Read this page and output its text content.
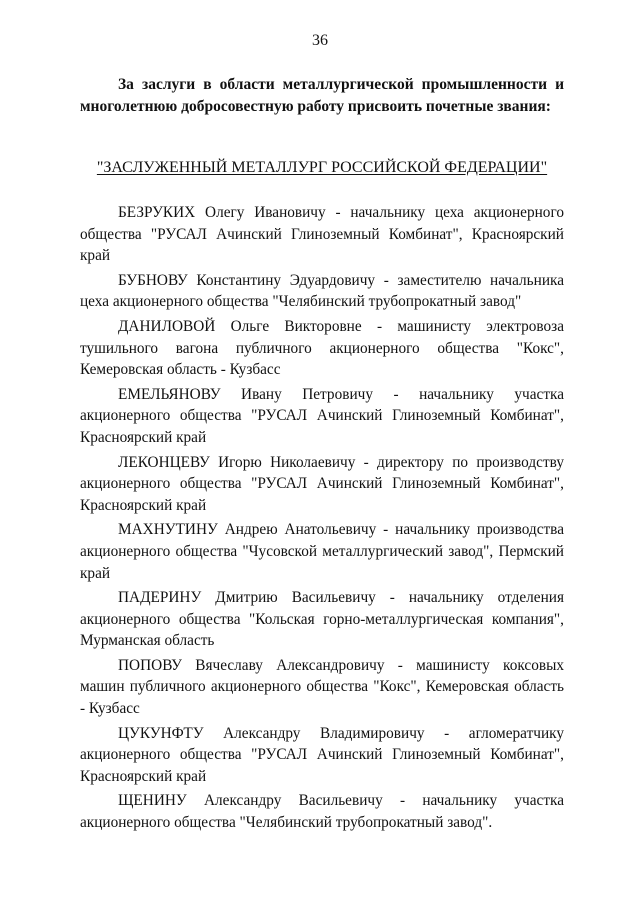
36
За заслуги в области металлургической промышленности и многолетнюю добросовестную работу присвоить почетные звания:
"ЗАСЛУЖЕННЫЙ МЕТАЛЛУРГ РОССИЙСКОЙ ФЕДЕРАЦИИ"

БЕЗРУКИХ Олегу Ивановичу - начальнику цеха акционерного общества "РУСАЛ Ачинский Глиноземный Комбинат", Красноярский край

БУБНОВУ Константину Эдуардовичу - заместителю начальника цеха акционерного общества "Челябинский трубопрокатный завод"

ДАНИЛОВОЙ Ольге Викторовне - машинисту электровоза тушильного вагона публичного акционерного общества "Кокс", Кемеровская область - Кузбасс

ЕМЕЛЬЯНОВУ Ивану Петровичу - начальнику участка акционерного общества "РУСАЛ Ачинский Глиноземный Комбинат", Красноярский край

ЛЕКОНЦЕВУ Игорю Николаевичу - директору по производству акционерного общества "РУСАЛ Ачинский Глиноземный Комбинат", Красноярский край

МАХНУТИНУ Андрею Анатольевичу - начальнику производства акционерного общества "Чусовской металлургический завод", Пермский край

ПАДЕРИНУ Дмитрию Васильевичу - начальнику отделения акционерного общества "Кольская горно-металлургическая компания", Мурманская область

ПОПОВУ Вячеславу Александровичу - машинисту коксовых машин публичного акционерного общества "Кокс", Кемеровская область - Кузбасс

ЦУКУНФТУ Александру Владимировичу - агломератчику акционерного общества "РУСАЛ Ачинский Глиноземный Комбинат", Красноярский край

ЩЕНИНУ Александру Васильевичу - начальнику участка акционерного общества "Челябинский трубопрокатный завод".
